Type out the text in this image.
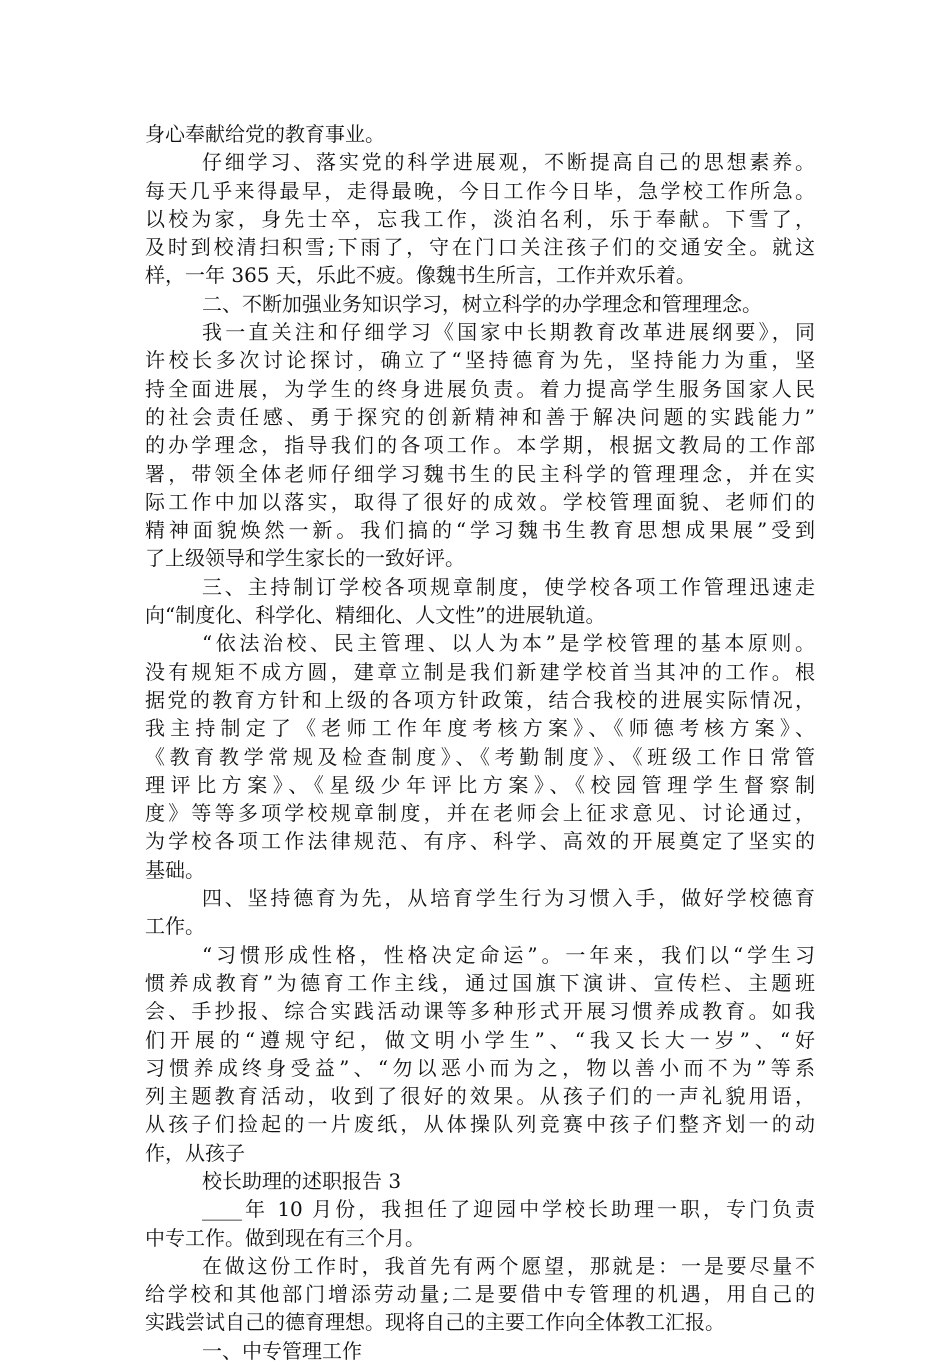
身心奉献给党的教育事业。
仔细学习、落实党的科学进展观，不断提高自己的思想素养。
每天几乎来得最早，走得最晚，今日工作今日毕，急学校工作所急。
以校为家，身先士卒，忘我工作，淡泊名利，乐于奉献。下雪了，
及时到校清扫积雪;下雨了，守在门口关注孩子们的交通安全。就这
样，一年 365 天，乐此不疲。像魏书生所言，工作并欢乐着。
二、不断加强业务知识学习，树立科学的办学理念和管理理念。
我一直关注和仔细学习《国家中长期教育改革进展纲要》，同
许校长多次讨论探讨，确立了“坚持德育为先，坚持能力为重，坚
持全面进展，为学生的终身进展负责。着力提高学生服务国家人民
的社会责任感、勇于探究的创新精神和善于解决问题的实践能力”
的办学理念，指导我们的各项工作。本学期，根据文教局的工作部
署，带领全体老师仔细学习魏书生的民主科学的管理理念，并在实
际工作中加以落实，取得了很好的成效。学校管理面貌、老师们的
精神面貌焕然一新。我们搞的“学习魏书生教育思想成果展”受到
了上级领导和学生家长的一致好评。
三、主持制订学校各项规章制度，使学校各项工作管理迅速走
向“制度化、科学化、精细化、人文性”的进展轨道。
“依法治校、民主管理、以人为本”是学校管理的基本原则。
没有规矩不成方圆，建章立制是我们新建学校首当其冲的工作。根
据党的教育方针和上级的各项方针政策，结合我校的进展实际情况，
我主持制定了《老师工作年度考核方案》、《师德考核方案》、
《教育教学常规及检查制度》、《考勤制度》、《班级工作日常管
理评比方案》、《星级少年评比方案》、《校园管理学生督察制
度》等等多项学校规章制度，并在老师会上征求意见、讨论通过，
为学校各项工作法律规范、有序、科学、高效的开展奠定了坚实的
基础。
四、坚持德育为先，从培育学生行为习惯入手，做好学校德育
工作。
“习惯形成性格，性格决定命运”。一年来，我们以“学生习
惯养成教育”为德育工作主线，通过国旗下演讲、宣传栏、主题班
会、手抄报、综合实践活动课等多种形式开展习惯养成教育。如我
们开展的“遵规守纪，做文明小学生”、“我又长大一岁”、“好
习惯养成终身受益”、“勿以恶小而为之，物以善小而不为”等系
列主题教育活动，收到了很好的效果。从孩子们的一声礼貌用语，
从孩子们捡起的一片废纸，从体操队列竞赛中孩子们整齐划一的动
作，从孩子
校长助理的述职报告 3
____年 10 月份，我担任了迎园中学校长助理一职，专门负责
中专工作。做到现在有三个月。
在做这份工作时，我首先有两个愿望，那就是：一是要尽量不
给学校和其他部门增添劳动量;二是要借中专管理的机遇，用自己的
实践尝试自己的德育理想。现将自己的主要工作向全体教工汇报。
一、中专管理工作
